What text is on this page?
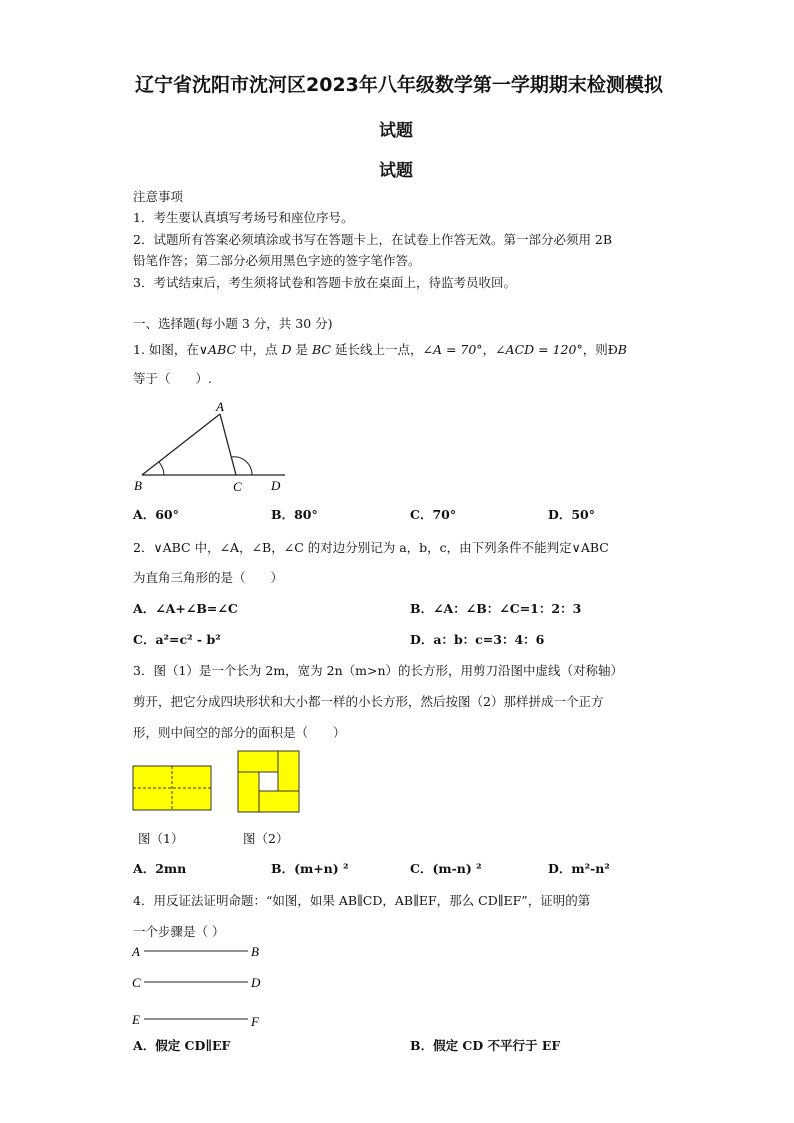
辽宁省沈阳市沈河区2023年八年级数学第一学期期末检测模拟
试题
试题
注意事项
1．考生要认真填写考场号和座位序号。
2．试题所有答案必须填涂或书写在答题卡上，在试卷上作答无效。第一部分必须用 2B
铅笔作答；第二部分必须用黑色字迹的签字笔作答。
3．考试结束后，考生须将试卷和答题卡放在桌面上，待监考员收回。
一、选择题(每小题 3 分，共 30 分)
1. 如图，在∨ABC 中，点 D 是 BC 延长线上一点，∠A = 70°，∠ACD = 120°，则ÐB
等于（　　）.
A
B	C D
A．60°	B．80°	C．70°	D．50°
2．∨ABC 中，∠A，∠B，∠C 的对边分别记为 a，b，c，由下列条件不能判定∨ABC
为直角三角形的是（　　）
A．∠A+∠B=∠C	B．∠A：∠B：∠C=1：2：3
C．a²=c² - b²	D．a：b：c=3：4：6
3．图（1）是一个长为 2m，宽为 2n（m>n）的长方形，用剪刀沿图中虚线（对称轴）
剪开，把它分成四块形状和大小都一样的小长方形，然后按图（2）那样拼成一个正方
形，则中间空的部分的面积是（　　）
图（1）	图（2）
A．2mn	B．(m+n) ²	C．(m-n) ²	D．m²-n²
4．用反证法证明命题：“如图，如果 AB∥CD，AB∥EF，那么 CD∥EF”，证明的第
一个步骤是（ ）
A	B
C	D
E	F
A．假定 CD∥EF	B．假定 CD 不平行于 EF
